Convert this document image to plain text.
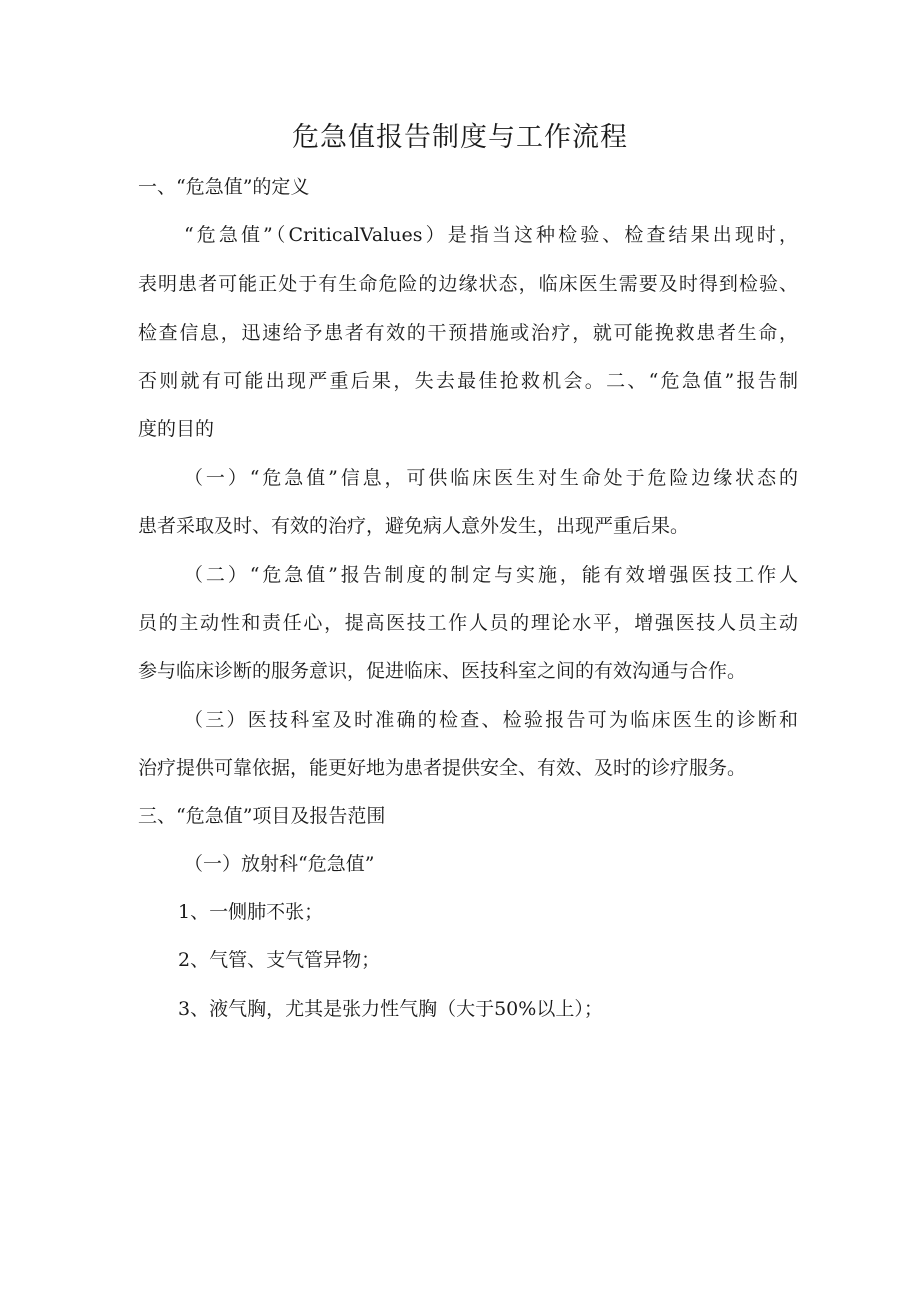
危急值报告制度与工作流程
一、“危急值”的定义
“危急值”（CriticalValues）是指当这种检验、检查结果出现时，
表明患者可能正处于有生命危险的边缘状态，临床医生需要及时得到检验、
检查信息，迅速给予患者有效的干预措施或治疗，就可能挽救患者生命，
否则就有可能出现严重后果，失去最佳抢救机会。二、“危急值”报告制
度的目的
（一）“危急值”信息，可供临床医生对生命处于危险边缘状态的
患者采取及时、有效的治疗，避免病人意外发生，出现严重后果。
（二）“危急值”报告制度的制定与实施，能有效增强医技工作人
员的主动性和责任心，提高医技工作人员的理论水平，增强医技人员主动
参与临床诊断的服务意识，促进临床、医技科室之间的有效沟通与合作。
（三）医技科室及时准确的检查、检验报告可为临床医生的诊断和
治疗提供可靠依据，能更好地为患者提供安全、有效、及时的诊疗服务。
三、“危急值”项目及报告范围
（一）放射科“危急值”
1、一侧肺不张；
2、气管、支气管异物；
3、液气胸，尤其是张力性气胸（大于50%以上）；
